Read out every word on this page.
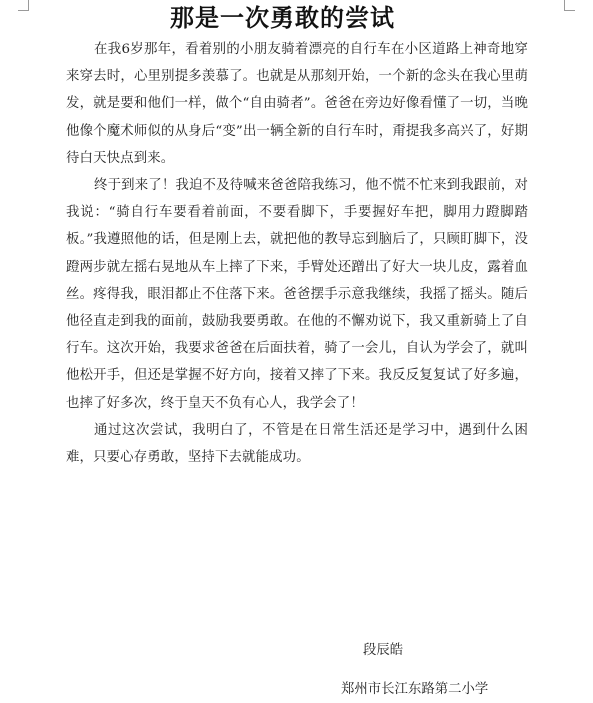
那是一次勇敢的尝试

在我6岁那年，看着别的小朋友骑着漂亮的自行车在小区道路上神奇地穿来穿去时，心里别提多羡慕了。也就是从那刻开始，一个新的念头在我心里萌发，就是要和他们一样，做个“自由骑者”。爸爸在旁边好像看懂了一切，当晚他像个魔术师似的从身后“变”出一辆全新的自行车时，甭提我多高兴了，好期待白天快点到来。

终于到来了！我迫不及待喊来爸爸陪我练习，他不慌不忙来到我跟前，对我说：“骑自行车要看着前面，不要看脚下，手要握好车把，脚用力蹬脚踏板。”我遵照他的话，但是刚上去，就把他的教导忘到脑后了，只顾盯脚下，没蹬两步就左摇右晃地从车上摔了下来，手臂处还蹭出了好大一块儿皮，露着血丝。疼得我，眼泪都止不住落下来。爸爸摆手示意我继续，我摇了摇头。随后他径直走到我的面前，鼓励我要勇敢。在他的不懈劝说下，我又重新骑上了自行车。这次开始，我要求爸爸在后面扶着，骑了一会儿，自认为学会了，就叫他松开手，但还是掌握不好方向，接着又摔了下来。我反反复复试了好多遍，也摔了好多次，终于皇天不负有心人，我学会了！

通过这次尝试，我明白了，不管是在日常生活还是学习中，遇到什么困难，只要心存勇敢，坚持下去就能成功。

段辰皓
郑州市长江东路第二小学
